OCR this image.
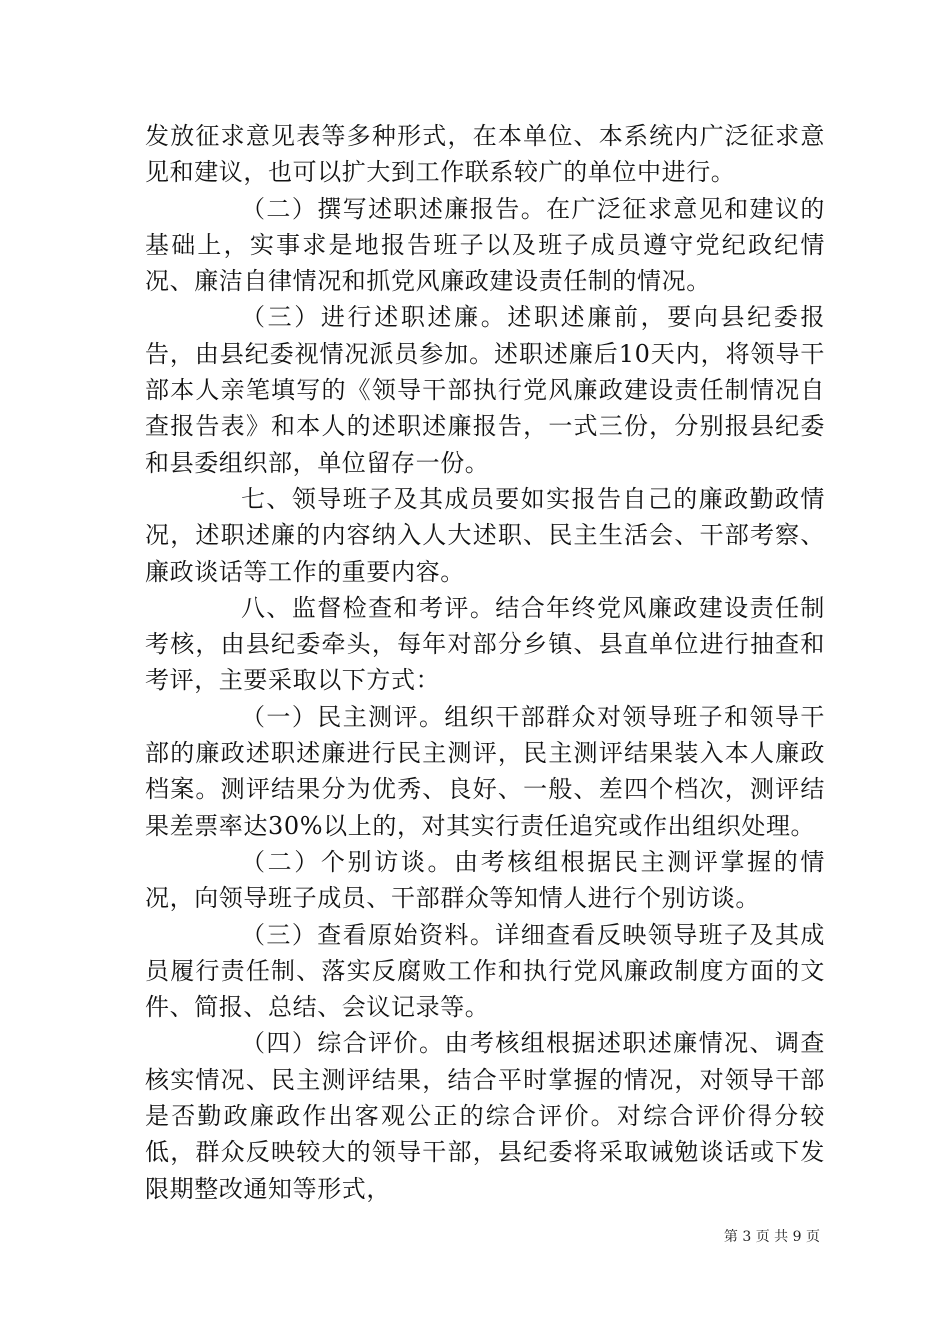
发放征求意见表等多种形式，在本单位、本系统内广泛征求意见和建议，也可以扩大到工作联系较广的单位中进行。

（二）撰写述职述廉报告。在广泛征求意见和建议的基础上，实事求是地报告班子以及班子成员遵守党纪政纪情况、廉洁自律情况和抓党风廉政建设责任制的情况。

（三）进行述职述廉。述职述廉前，要向县纪委报告，由县纪委视情况派员参加。述职述廉后10天内，将领导干部本人亲笔填写的《领导干部执行党风廉政建设责任制情况自查报告表》和本人的述职述廉报告，一式三份，分别报县纪委和县委组织部，单位留存一份。

七、领导班子及其成员要如实报告自己的廉政勤政情况，述职述廉的内容纳入人大述职、民主生活会、干部考察、廉政谈话等工作的重要内容。

八、监督检查和考评。结合年终党风廉政建设责任制考核，由县纪委牵头，每年对部分乡镇、县直单位进行抽查和考评，主要采取以下方式：

（一）民主测评。组织干部群众对领导班子和领导干部的廉政述职述廉进行民主测评，民主测评结果装入本人廉政档案。测评结果分为优秀、良好、一般、差四个档次，测评结果差票率达30%以上的，对其实行责任追究或作出组织处理。

（二）个别访谈。由考核组根据民主测评掌握的情况，向领导班子成员、干部群众等知情人进行个别访谈。

（三）查看原始资料。详细查看反映领导班子及其成员履行责任制、落实反腐败工作和执行党风廉政制度方面的文件、简报、总结、会议记录等。

（四）综合评价。由考核组根据述职述廉情况、调查核实情况、民主测评结果，结合平时掌握的情况，对领导干部是否勤政廉政作出客观公正的综合评价。对综合评价得分较低，群众反映较大的领导干部，县纪委将采取诫勉谈话或下发限期整改通知等形式，

第 3 页 共 9 页
